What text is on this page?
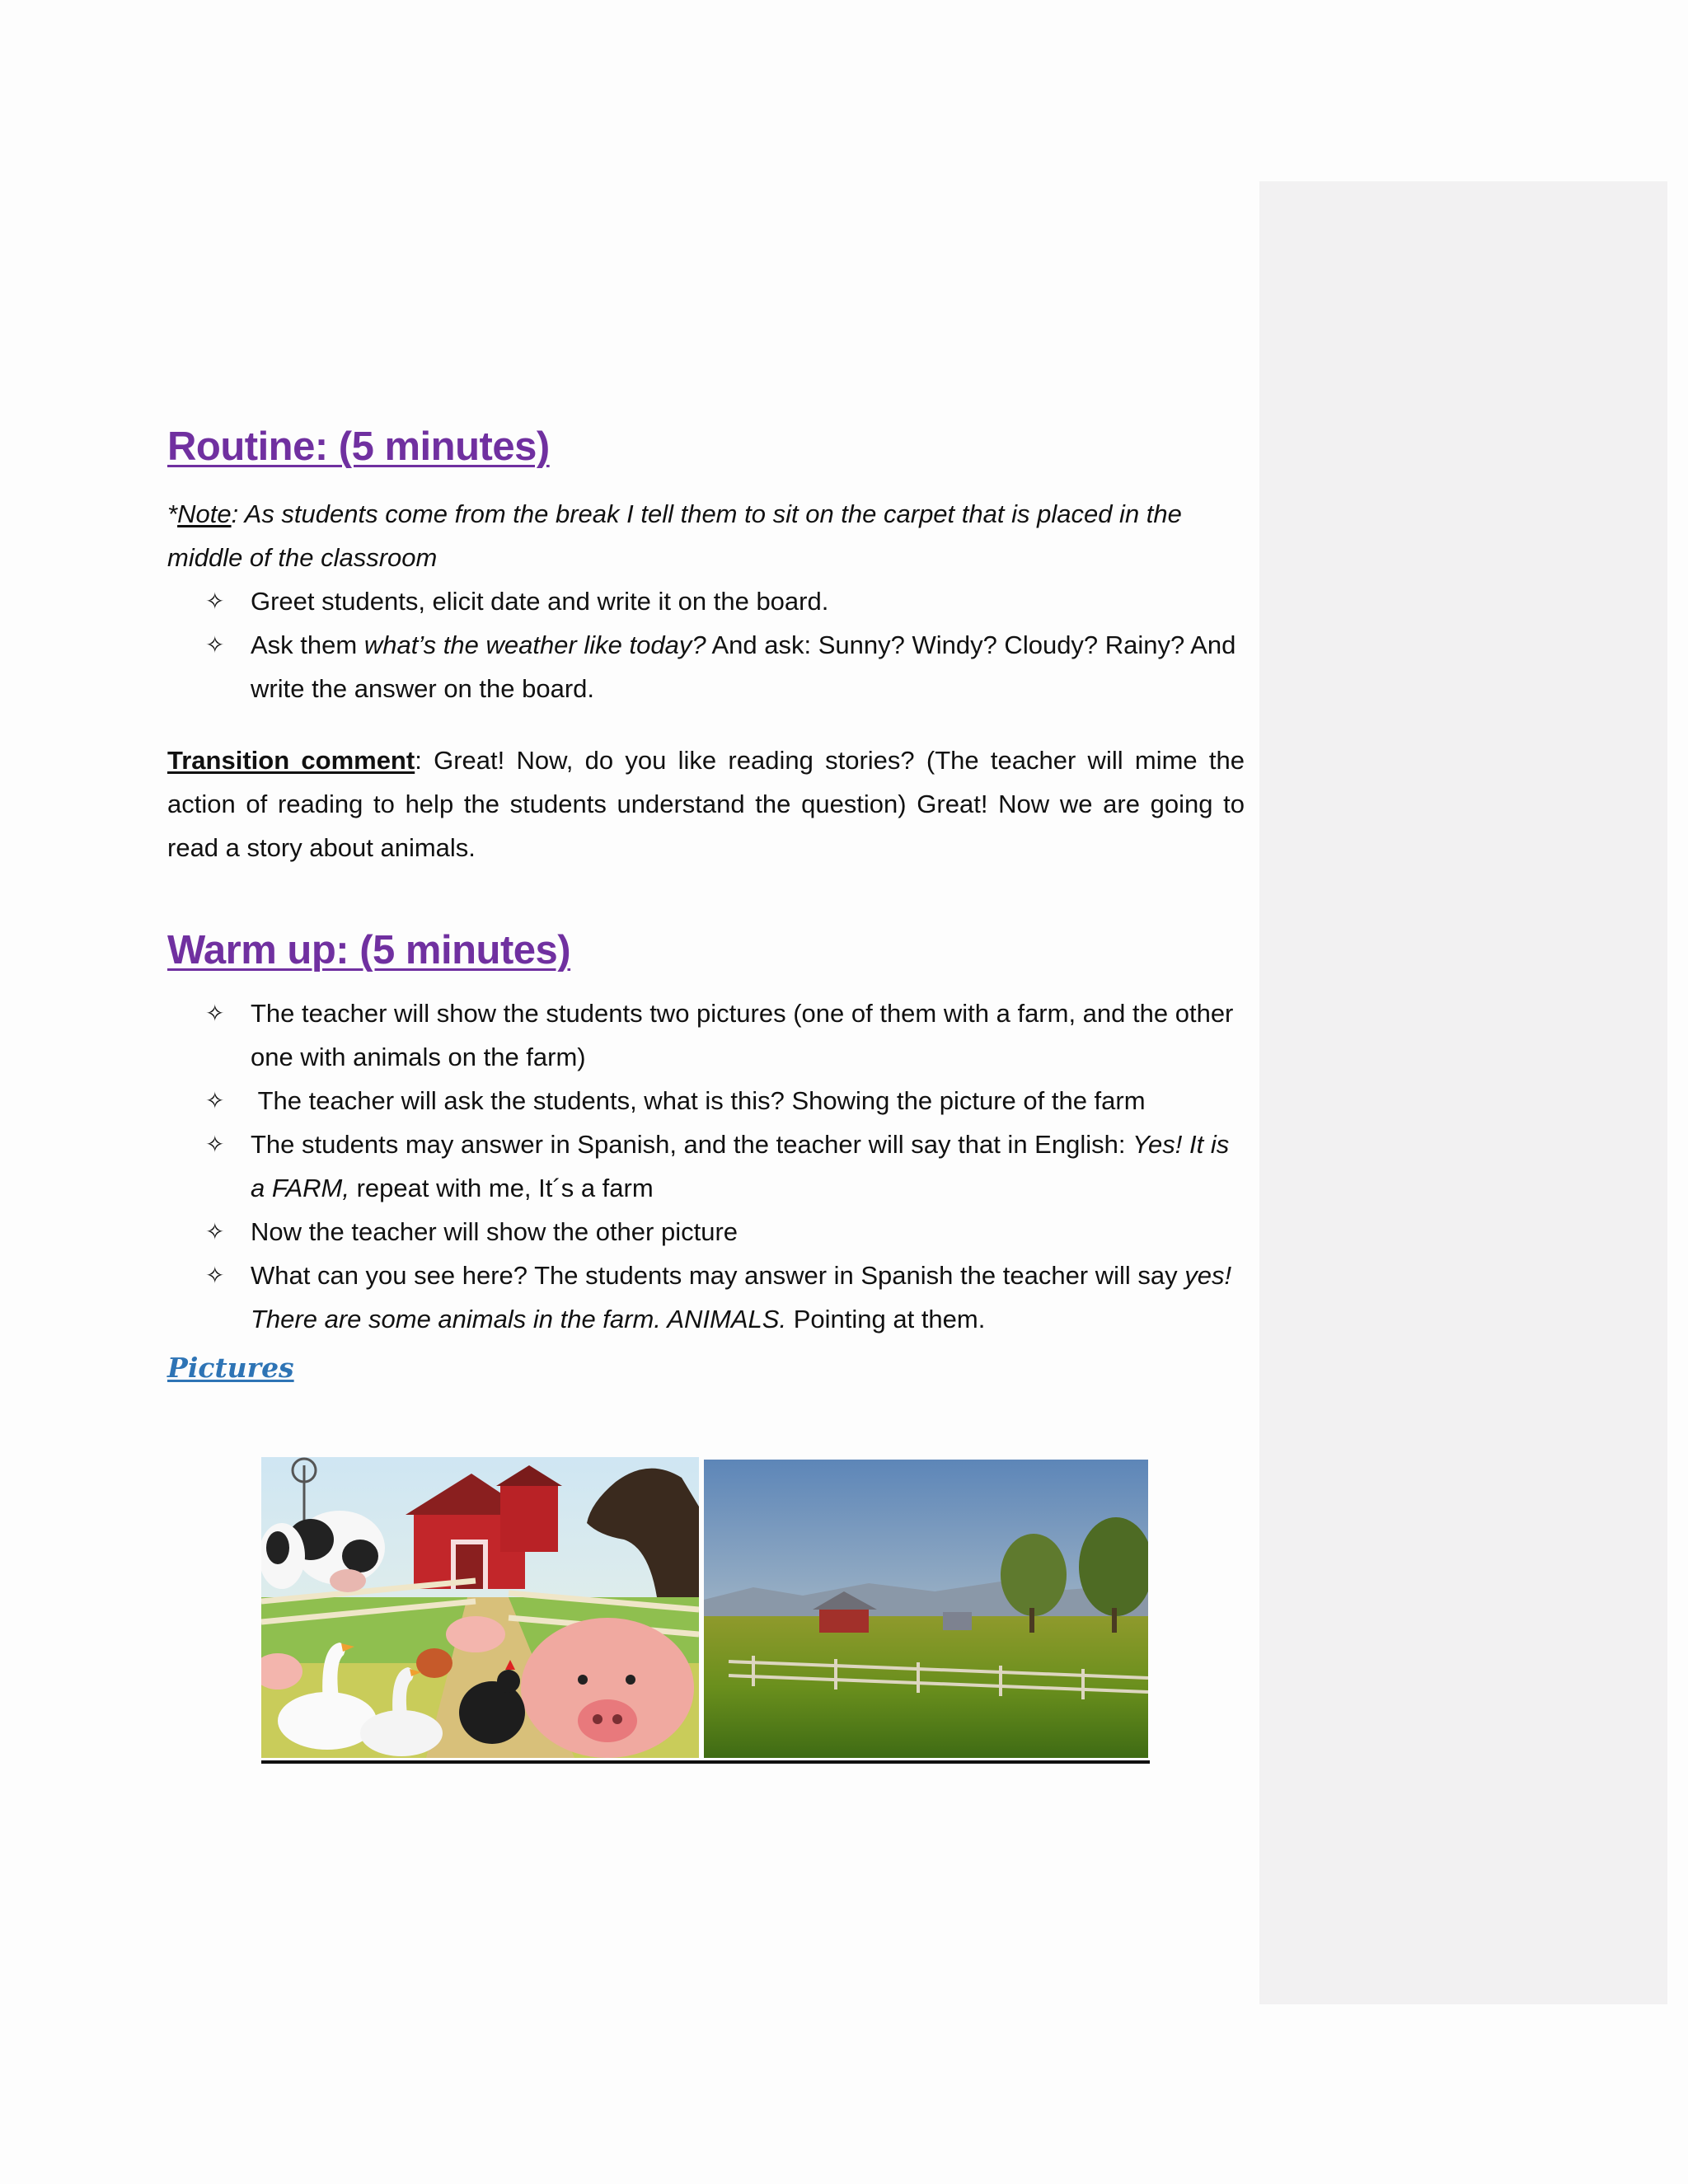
Routine: (5 minutes)
*Note: As students come from the break I tell them to sit on the carpet that is placed in the middle of the classroom
✧ Greet students, elicit date and write it on the board.
✧ Ask them what’s the weather like today? And ask: Sunny? Windy? Cloudy? Rainy? And write the answer on the board.
Transition comment: Great! Now, do you like reading stories? (The teacher will mime the action of reading to help the students understand the question) Great! Now we are going to read a story about animals.
Warm up: (5 minutes)
✧ The teacher will show the students two pictures (one of them with a farm, and the other one with animals on the farm)
✧ The teacher will ask the students, what is this? Showing the picture of the farm
✧ The students may answer in Spanish, and the teacher will say that in English: Yes! It is a FARM, repeat with me, It´s a farm
✧ Now the teacher will show the other picture
✧ What can you see here? The students may answer in Spanish the teacher will say yes! There are some animals in the farm. ANIMALS. Pointing at them.
Pictures
